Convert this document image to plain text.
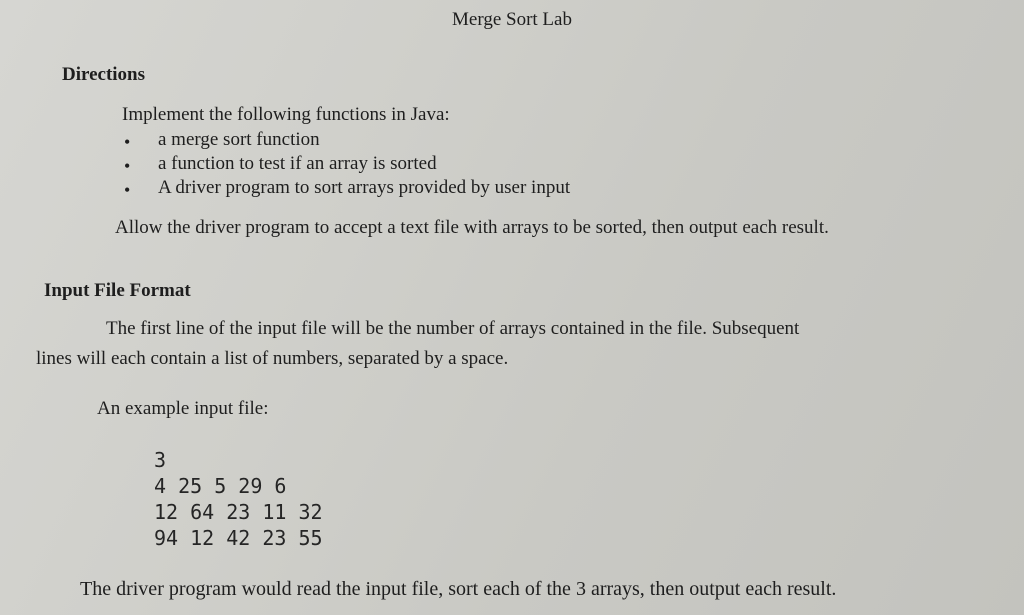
Merge Sort Lab
Directions
Implement the following functions in Java:
• a merge sort function
• a function to test if an array is sorted
• A driver program to sort arrays provided by user input
Allow the driver program to accept a text file with arrays to be sorted, then output each result.
Input File Format
The first line of the input file will be the number of arrays contained in the file. Subsequent
lines will each contain a list of numbers, separated by a space.
An example input file:
3
4 25 5 29 6
12 64 23 11 32
94 12 42 23 55
The driver program would read the input file, sort each of the 3 arrays, then output each result.
